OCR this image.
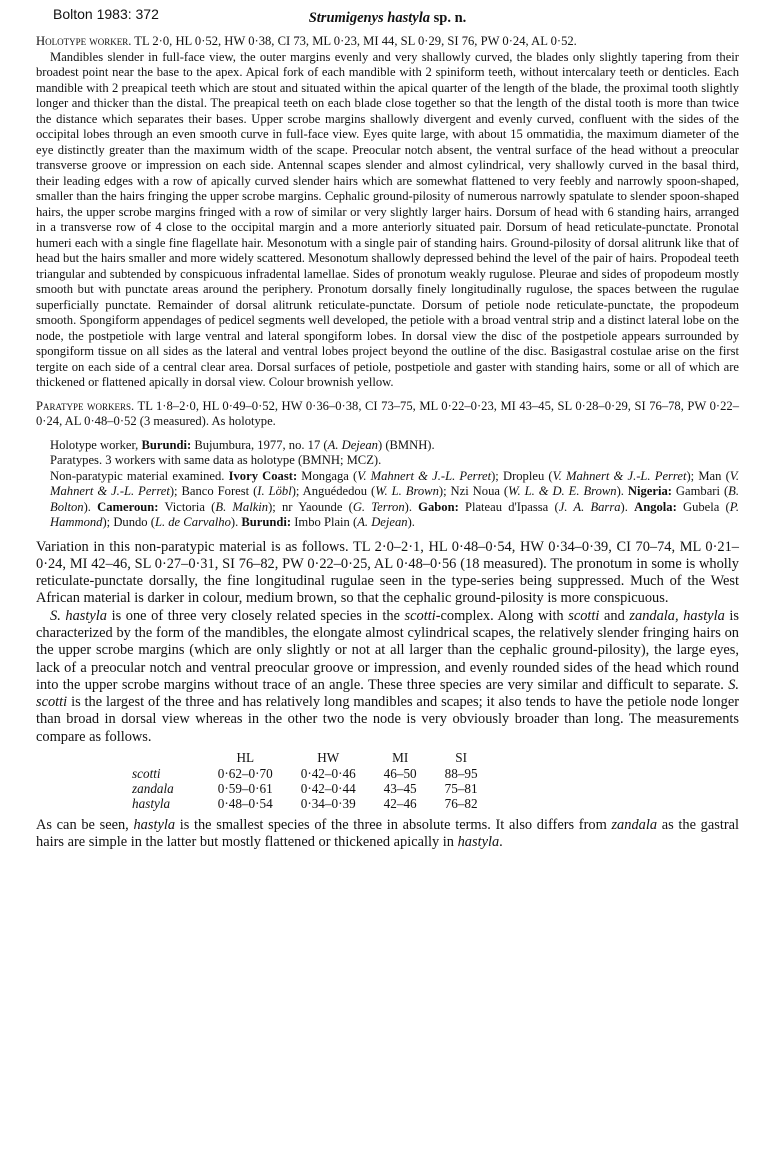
Bolton 1983: 372	Strumigenys hastyla sp. n.

Holotype worker. TL 2·0, HL 0·52, HW 0·38, CI 73, ML 0·23, MI 44, SL 0·29, SI 76, PW 0·24, AL 0·52.

Mandibles slender in full-face view, the outer margins evenly and very shallowly curved, the blades only slightly tapering from their broadest point near the base to the apex. Apical fork of each mandible with 2 spiniform teeth, without intercalary teeth or denticles. Each mandible with 2 preapical teeth which are stout and situated within the apical quarter of the length of the blade, the proximal tooth slightly longer and thicker than the distal. The preapical teeth on each blade close together so that the length of the distal tooth is more than twice the distance which separates their bases. Upper scrobe margins shallowly divergent and evenly curved, confluent with the sides of the occipital lobes through an even smooth curve in full-face view. Eyes quite large, with about 15 ommatidia, the maximum diameter of the eye distinctly greater than the maximum width of the scape. Preocular notch absent, the ventral surface of the head without a preocular transverse groove or impression on each side. Antennal scapes slender and almost cylindrical, very shallowly curved in the basal third, their leading edges with a row of apically curved slender hairs which are somewhat flattened to very feebly and narrowly spoon-shaped, smaller than the hairs fringing the upper scrobe margins. Cephalic ground-pilosity of numerous narrowly spatulate to slender spoon-shaped hairs, the upper scrobe margins fringed with a row of similar or very slightly larger hairs. Dorsum of head with 6 standing hairs, arranged in a transverse row of 4 close to the occipital margin and a more anteriorly situated pair. Dorsum of head reticulate-punctate. Pronotal humeri each with a single fine flagellate hair. Mesonotum with a single pair of standing hairs. Ground-pilosity of dorsal alitrunk like that of head but the hairs smaller and more widely scattered. Mesonotum shallowly depressed behind the level of the pair of hairs. Propodeal teeth triangular and subtended by conspicuous infradental lamellae. Sides of pronotum weakly rugulose. Pleurae and sides of propodeum mostly smooth but with punctate areas around the periphery. Pronotum dorsally finely longitudinally rugulose, the spaces between the rugulae superficially punctate. Remainder of dorsal alitrunk reticulate-punctate. Dorsum of petiole node reticulate-punctate, the propodeum smooth. Spongiform appendages of pedicel segments well developed, the petiole with a broad ventral strip and a distinct lateral lobe on the node, the postpetiole with large ventral and lateral spongiform lobes. In dorsal view the disc of the postpetiole appears surrounded by spongiform tissue on all sides as the lateral and ventral lobes project beyond the outline of the disc. Basigastral costulae arise on the first tergite on each side of a central clear area. Dorsal surfaces of petiole, postpetiole and gaster with standing hairs, some or all of which are thickened or flattened apically in dorsal view. Colour brownish yellow.

Paratype workers. TL 1·8–2·0, HL 0·49–0·52, HW 0·36–0·38, CI 73–75, ML 0·22–0·23, MI 43–45, SL 0·28–0·29, SI 76–78, PW 0·22–0·24, AL 0·48–0·52 (3 measured). As holotype.

Holotype worker, Burundi: Bujumbura, 1977, no. 17 (A. Dejean) (BMNH).

Paratypes. 3 workers with same data as holotype (BMNH; MCZ).

Non-paratypic material examined. Ivory Coast: Mongaga (V. Mahnert & J.-L. Perret); Dropleu (V. Mahnert & J.-L. Perret); Man (V. Mahnert & J.-L. Perret); Banco Forest (I. Löbl); Anguédedou (W. L. Brown); Nzi Noua (W. L. & D. E. Brown). Nigeria: Gambari (B. Bolton). Cameroun: Victoria (B. Malkin); nr Yaounde (G. Terron). Gabon: Plateau d'Ipassa (J. A. Barra). Angola: Gubela (P. Hammond); Dundo (L. de Carvalho). Burundi: Imbo Plain (A. Dejean).

Variation in this non-paratypic material is as follows. TL 2·0–2·1, HL 0·48–0·54, HW 0·34–0·39, CI 70–74, ML 0·21–0·24, MI 42–46, SL 0·27–0·31, SI 76–82, PW 0·22–0·25, AL 0·48–0·56 (18 measured). The pronotum in some is wholly reticulate-punctate dorsally, the fine longitudinal rugulae seen in the type-series being suppressed. Much of the West African material is darker in colour, medium brown, so that the cephalic ground-pilosity is more conspicuous.

S. hastyla is one of three very closely related species in the scotti-complex. Along with scotti and zandala, hastyla is characterized by the form of the mandibles, the elongate almost cylindrical scapes, the relatively slender fringing hairs on the upper scrobe margins (which are only slightly or not at all larger than the cephalic ground-pilosity), the large eyes, lack of a preocular notch and ventral preocular groove or impression, and evenly rounded sides of the head which round into the upper scrobe margins without trace of an angle. These three species are very similar and difficult to separate. S. scotti is the largest of the three and has relatively long mandibles and scapes; it also tends to have the petiole node longer than broad in dorsal view whereas in the other two the node is very obviously broader than long. The measurements compare as follows.

	HL	HW	MI	SI
scotti	0·62–0·70	0·42–0·46	46–50	88–95
zandala	0·59–0·61	0·42–0·44	43–45	75–81
hastyla	0·48–0·54	0·34–0·39	42–46	76–82

As can be seen, hastyla is the smallest species of the three in absolute terms. It also differs from zandala as the gastral hairs are simple in the latter but mostly flattened or thickened apically in hastyla.
